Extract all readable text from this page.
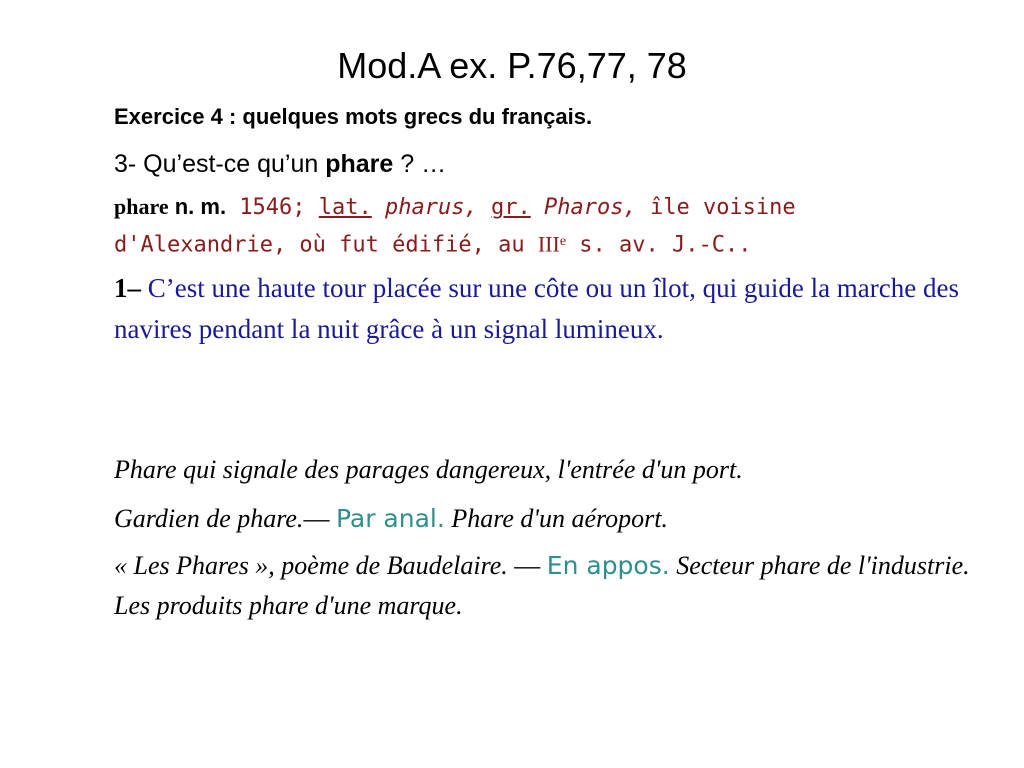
Mod.A ex. P.76,77, 78
Exercice 4 : quelques mots grecs du français.
3- Qu’est-ce qu’un phare ? …
phare n. m. 1546; lat. pharus, gr. Pharos, île voisine
d'Alexandrie, où fut édifié, au IIIe s. av. J.-C..
1– C’est une haute tour placée sur une côte ou un îlot, qui guide la marche des navires pendant la nuit grâce à un signal lumineux.
Phare qui signale des parages dangereux, l'entrée d'un port.
Gardien de phare.— Par anal. Phare d'un aéroport.
« Les Phares », poème de Baudelaire. — En appos. Secteur phare de l'industrie. Les produits phare d'une marque.
